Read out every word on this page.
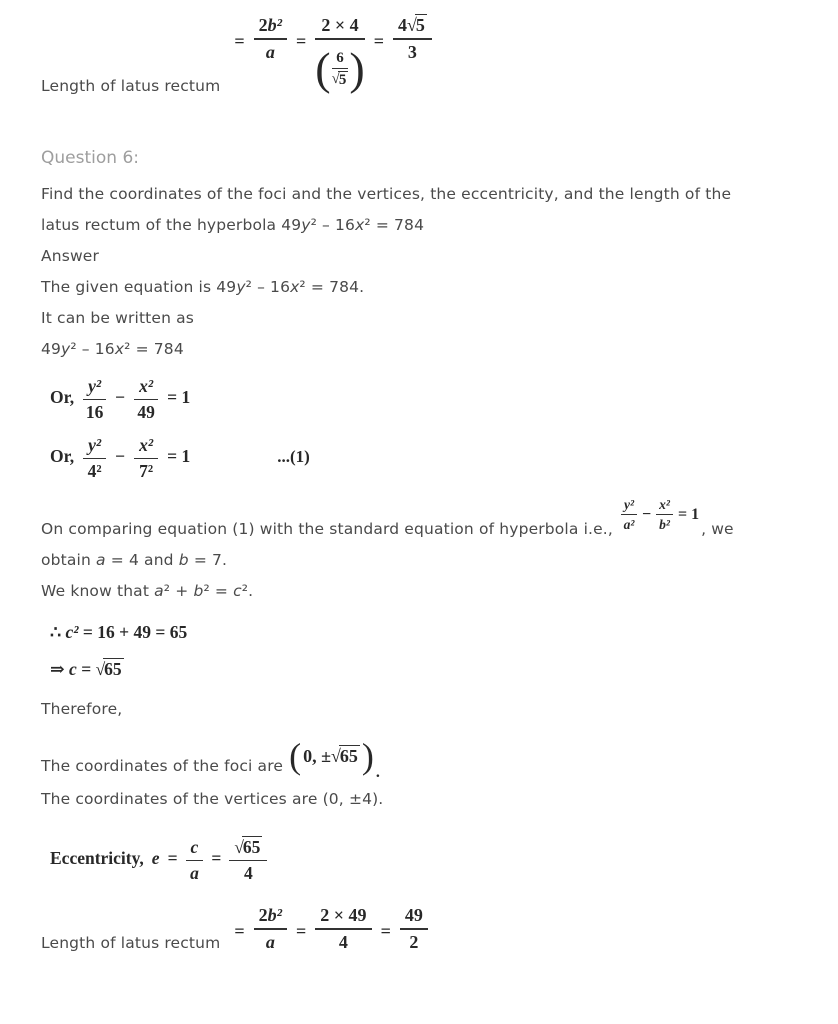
Length of latus rectum
= $\frac{\text{2 b²}}{a}$ =
2 × 4
( $\frac{6}{√ 5}$ )
= $\frac{4 √ 5}{3}$

Question 6:

Find the coordinates of the foci and the vertices, the eccentricity, and the length of the

latus rectum of the hyperbola 49y² – 16x² = 784

Answer

The given equation is 49y² – 16x² = 784.

It can be written as

49y² – 16x² = 784

Or, $\frac{\text{y²}}{16} - \frac{\text{x²}}{49} = 1$
Or, $\frac{\text{y²}}{\text{4²}} - \frac{\text{x²}}{\text{7²}} = 1$	...(1)
On comparing equation (1) with the standard equation of hyperbola i.e., $\frac{\text{y²}}{\text{a²}} - \frac{\text{x²}}{\text{b²}} = 1$
, we

obtain a = 4 and b = 7.

We know that a² + b² = c².

∴ c² = 16 + 49 = 65

⇒ c = √65

Therefore,

The coordinates of the foci are ( 0, ± √ 65 ) .

The coordinates of the vertices are (0, ±4).

Eccentricity, $e = \frac{c}{a} = \frac{√ 65}{4}$
Length of latus rectum
= $\frac{\text{2 b²}}{a} = \frac{2 \times 49}{4} = \frac{49}{2}$
